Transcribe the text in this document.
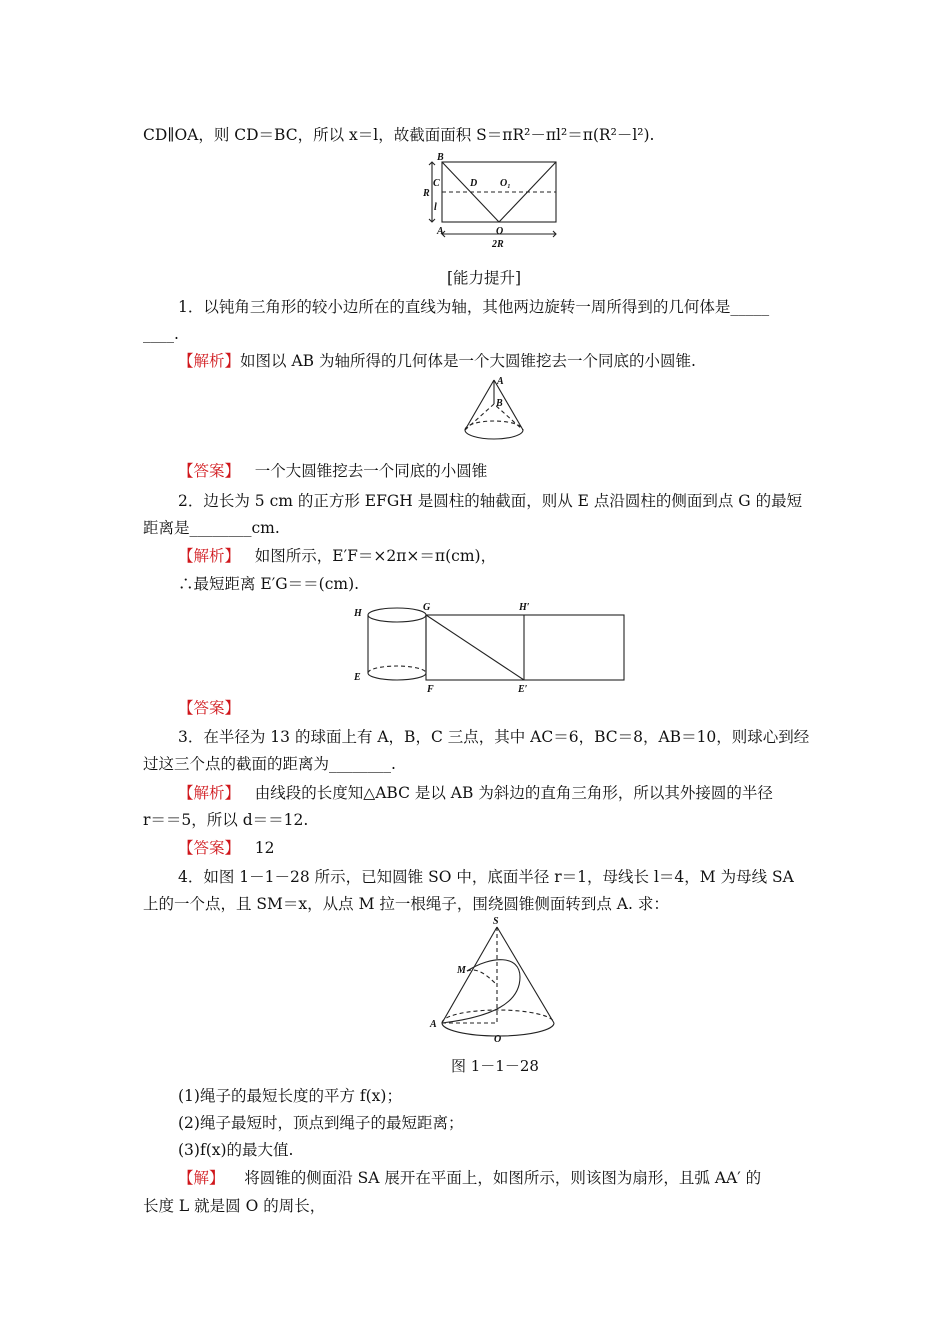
CD∥OA，则 CD＝BC，所以 x＝l，故截面面积 S＝πR²－πl²＝π(R²－l²).
B
C
R
l
A
D O₁
O
2R
[能力提升]
1．以钝角三角形的较小边所在的直线为轴，其他两边旋转一周所得到的几何体是_____
____.
【解析】如图以 AB 为轴所得的几何体是一个大圆锥挖去一个同底的小圆锥.
A
B
【答案】 一个大圆锥挖去一个同底的小圆锥
2．边长为 5 cm 的正方形 EFGH 是圆柱的轴截面，则从 E 点沿圆柱的侧面到点 G 的最短
距离是________cm.
【解析】 如图所示，E′F＝×2π×＝π(cm)，
∴最短距离 E′G＝＝(cm).
H
G	H′
E
F	E′
【答案】
3．在半径为 13 的球面上有 A，B，C 三点，其中 AC＝6，BC＝8，AB＝10，则球心到经
过这三个点的截面的距离为________.
【解析】 由线段的长度知△ABC 是以 AB 为斜边的直角三角形，所以其外接圆的半径
r＝＝5，所以 d＝＝12.
【答案】 12
4．如图 1－1－28 所示，已知圆锥 SO 中，底面半径 r＝1，母线长 l＝4，M 为母线 SA
上的一个点，且 SM＝x，从点 M 拉一根绳子，围绕圆锥侧面转到点 A. 求：
S
M
A
O
图 1－1－28
(1)绳子的最短长度的平方 f(x)；
(2)绳子最短时，顶点到绳子的最短距离；
(3)f(x)的最大值.
【解】 将圆锥的侧面沿 SA 展开在平面上，如图所示，则该图为扇形，且弧 AA′ 的
长度 L 就是圆 O 的周长，
